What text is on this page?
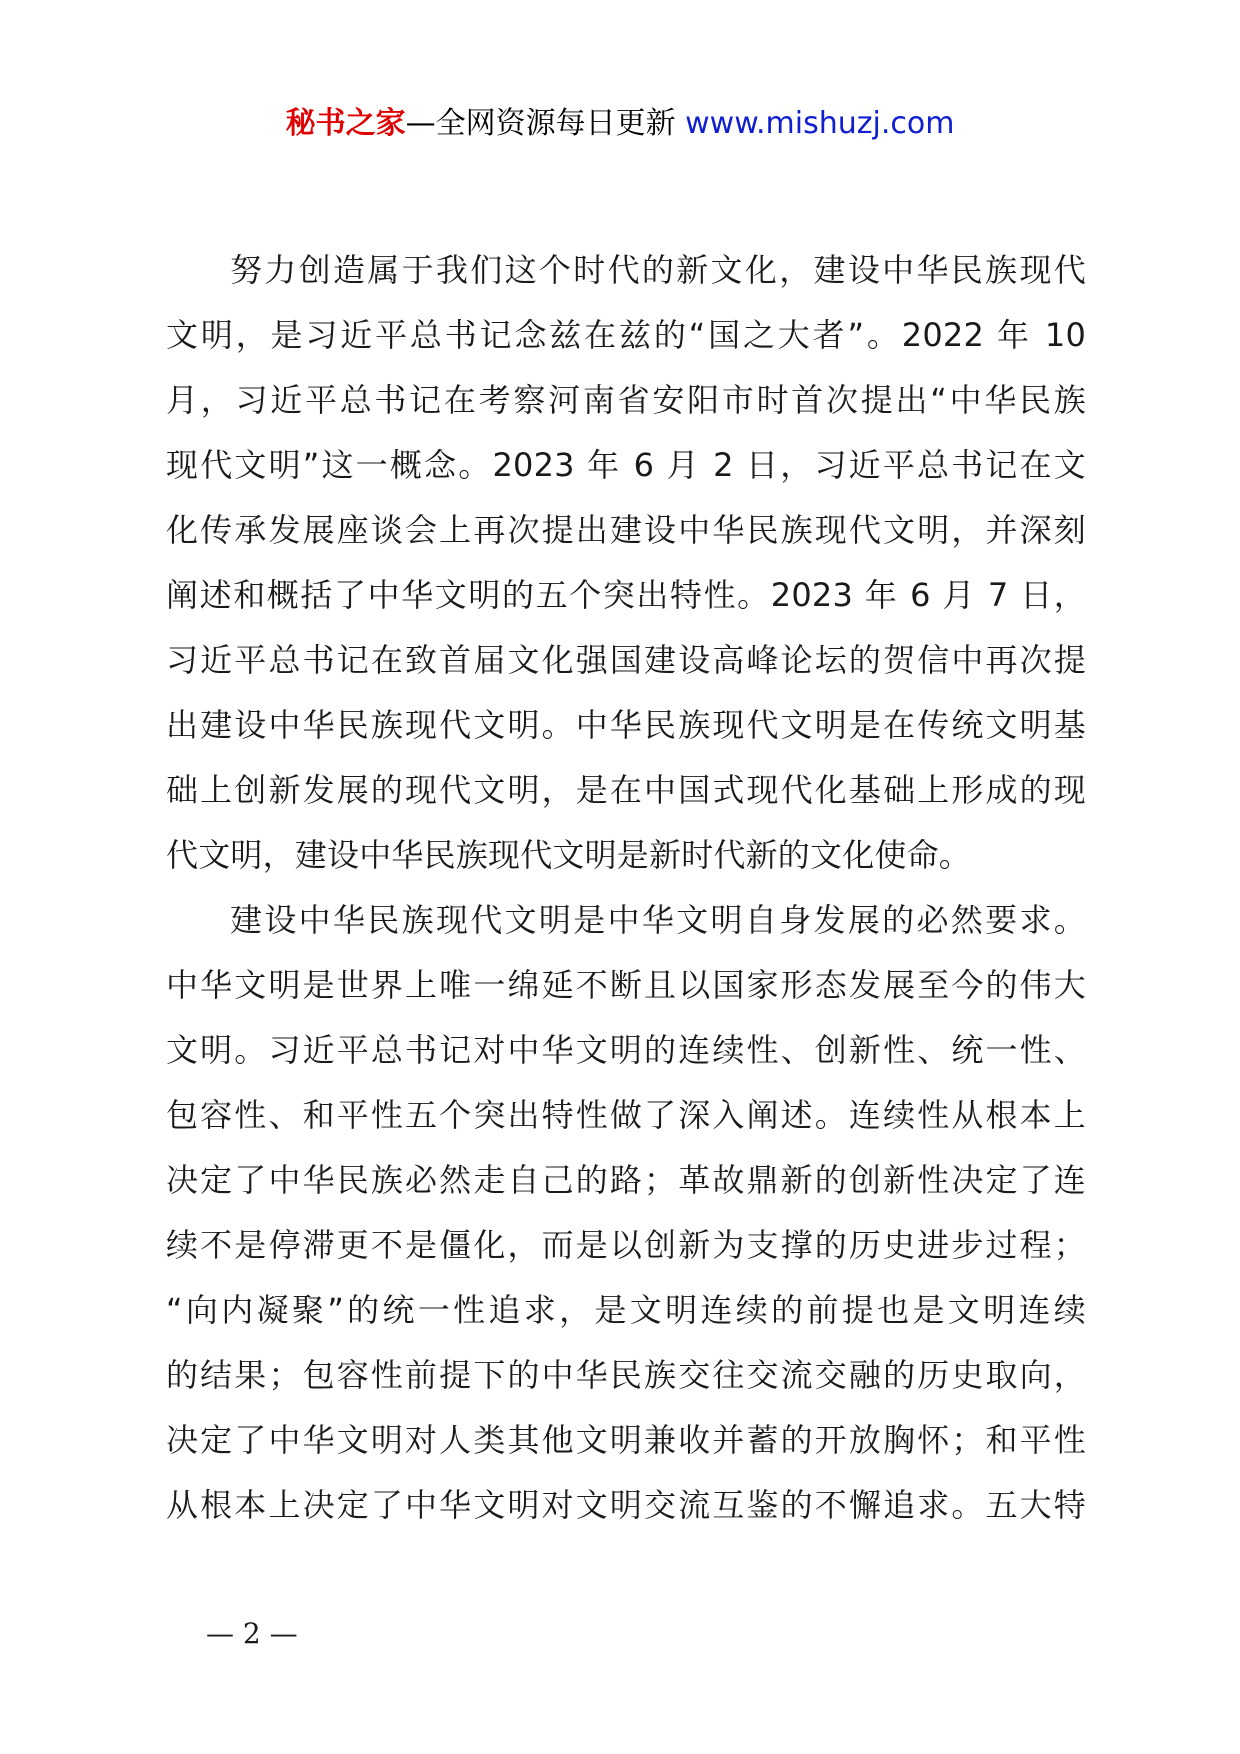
秘书之家—全网资源每日更新 www.mishuzj.com
努力创造属于我们这个时代的新文化，建设中华民族现代
文明，是习近平总书记念兹在兹的“国之大者”。2022 年 10
月，习近平总书记在考察河南省安阳市时首次提出“中华民族
现代文明”这一概念。2023 年 6 月 2 日，习近平总书记在文
化传承发展座谈会上再次提出建设中华民族现代文明，并深刻
阐述和概括了中华文明的五个突出特性。2023 年 6 月 7 日，
习近平总书记在致首届文化强国建设高峰论坛的贺信中再次提
出建设中华民族现代文明。中华民族现代文明是在传统文明基
础上创新发展的现代文明，是在中国式现代化基础上形成的现
代文明，建设中华民族现代文明是新时代新的文化使命。
建设中华民族现代文明是中华文明自身发展的必然要求。
中华文明是世界上唯一绵延不断且以国家形态发展至今的伟大
文明。习近平总书记对中华文明的连续性、创新性、统一性、
包容性、和平性五个突出特性做了深入阐述。连续性从根本上
决定了中华民族必然走自己的路；革故鼎新的创新性决定了连
续不是停滞更不是僵化，而是以创新为支撑的历史进步过程；
“向内凝聚”的统一性追求，是文明连续的前提也是文明连续
的结果；包容性前提下的中华民族交往交流交融的历史取向，
决定了中华文明对人类其他文明兼收并蓄的开放胸怀；和平性
从根本上决定了中华文明对文明交流互鉴的不懈追求。五大特
— 2 —
